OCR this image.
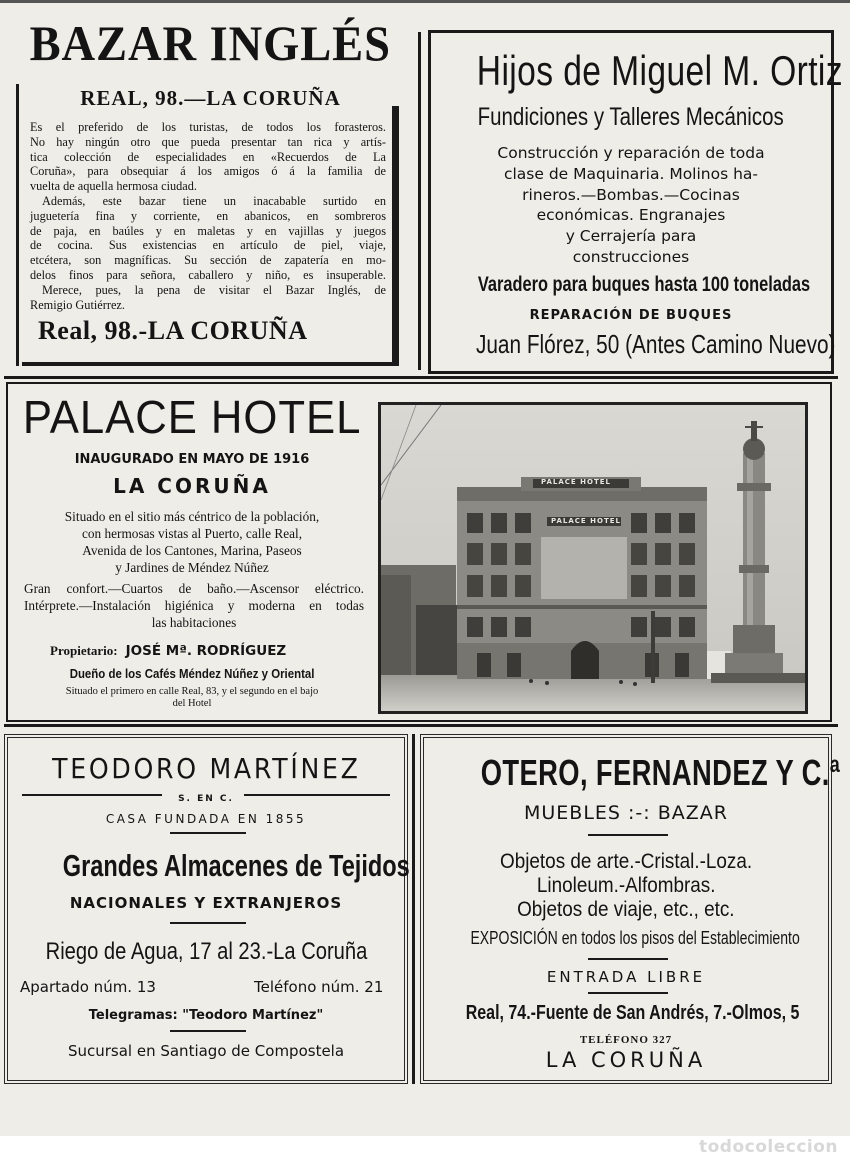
BAZAR INGLÉS
REAL, 98.—LA CORUÑA
Es el preferido de los turistas, de todos los forasteros.
No hay ningún otro que pueda presentar tan rica y artís-
tica colección de especialidades en «Recuerdos de La
Coruña», para obsequiar á los amigos ó á la familia de
vuelta de aquella hermosa ciudad.
Además, este bazar tiene un inacabable surtido en
juguetería fina y corriente, en abanicos, en sombreros
de paja, en baúles y en maletas y en vajillas y juegos
de cocina. Sus existencias en artículo de piel, viaje,
etcétera, son magníficas. Su sección de zapatería en mo-
delos finos para señora, caballero y niño, es insuperable.
Merece, pues, la pena de visitar el Bazar Inglés, de
Remigio Gutiérrez.
Real, 98.-LA CORUÑA
Hijos de Miguel M. Ortiz
Fundiciones y Talleres Mecánicos
Construcción y reparación de toda
clase de Maquinaria. Molinos ha-
rineros.—Bombas.—Cocinas
económicas. Engranajes
y Cerrajería para
construcciones
Varadero para buques hasta 100 toneladas
REPARACIÓN DE BUQUES
Juan Flórez, 50 (Antes Camino Nuevo)
PALACE HOTEL
INAUGURADO EN MAYO DE 1916
LA CORUÑA
Situado en el sitio más céntrico de la población,
con hermosas vistas al Puerto, calle Real,
Avenida de los Cantones, Marina, Paseos
y Jardines de Méndez Núñez
Gran confort.—Cuartos de baño.—Ascensor eléctrico.
Intérprete.—Instalación higiénica y moderna en todas
las habitaciones
Propietario: JOSÉ Mª. RODRÍGUEZ
Dueño de los Cafés Méndez Núñez y Oriental
Situado el primero en calle Real, 83, y el segundo en el bajo
del Hotel
PALACE HOTEL
PALACE HOTEL
TEODORO MARTÍNEZ
S. EN C.
CASA FUNDADA EN 1855
Grandes Almacenes de Tejidos
NACIONALES Y EXTRANJEROS
Riego de Agua, 17 al 23.-La Coruña
Apartado núm. 13	Teléfono núm. 21
Telegramas: "Teodoro Martínez"
Sucursal en Santiago de Compostela
OTERO, FERNANDEZ Y C.ª
MUEBLES :-: BAZAR
Objetos de arte.-Cristal.-Loza.
Linoleum.-Alfombras.
Objetos de viaje, etc., etc.
EXPOSICIÓN en todos los pisos del Establecimiento
ENTRADA LIBRE
Real, 74.-Fuente de San Andrés, 7.-Olmos, 5
TELÉFONO 327
LA CORUÑA
todocoleccion
